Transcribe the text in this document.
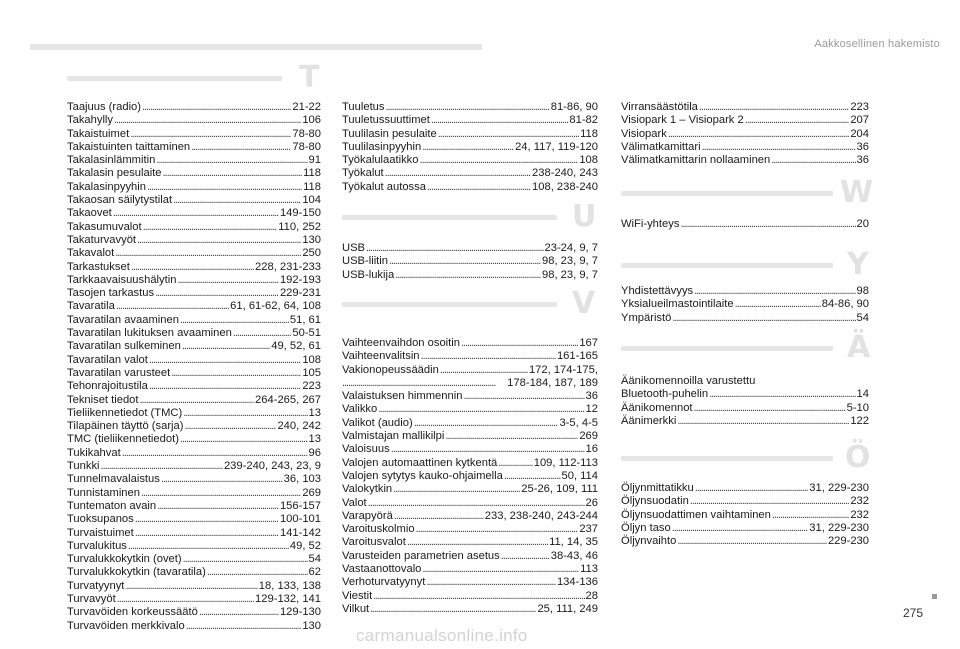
Aakkosellinen hakemisto
T
Taajuus (radio) . . .	21-22
Takahylly . . .	106
Takaistuimet . . .	78-80
Takaistuinten taittaminen . . .	78-80
Takalasinlämmitin . . .	91
Takalasin pesulaite . . .	118
Takalasinpyyhin . . .	118
Takaosan säilytystilat . . .	104
Takaovet . . .	149-150
Takasumuvalot . . .	110, 252
Takaturvavyöt . . .	130
Takavalot . . .	250
Tarkastukset . . .	228, 231-233
Tarkkaavaisuushälytin . . .	192-193
Tasojen tarkastus . . .	229-231
Tavaratila . . .	61, 61-62, 64, 108
Tavaratilan avaaminen . . .	51, 61
Tavaratilan lukituksen avaaminen . . .	50-51
Tavaratilan sulkeminen . . .	49, 52, 61
Tavaratilan valot . . .	108
Tavaratilan varusteet . . .	105
Tehonrajoitustila . . .	223
Tekniset tiedot . . .	264-265, 267
Tieliikennetiedot (TMC) . . .	13
Tilapäinen täyttö (sarja) . . .	240, 242
TMC (tieliikennetiedot) . . .	13
Tukikahvat . . .	96
Tunkki . . .	239-240, 243, 23, 9
Tunnelmavalaistus . . .	36, 103
Tunnistaminen . . .	269
Tuntematon avain . . .	156-157
Tuoksupanos . . .	100-101
Turvaistuimet . . .	141-142
Turvalukitus . . .	49, 52
Turvalukkokytkin (ovet) . . .	54
Turvalukkokytkin (tavaratila) . . .	62
Turvatyynyt . . .	18, 133, 138
Turvavyöt . . .	129-132, 141
Turvavöiden korkeussäätö . . .	129-130
Turvavöiden merkkivalo . . .	130
Tuuletus . . .	81-86, 90
Tuuletussuuttimet . . .	81-82
Tuulilasin pesulaite . . .	118
Tuulilasinpyyhin . . .	24, 117, 119-120
Työkalulaatikko . . .	108
Työkalut . . .	238-240, 243
Työkalut autossa . . .	108, 238-240
U
USB . . .	23-24, 9, 7
USB-liitin . . .	98, 23, 9, 7
USB-lukija . . .	98, 23, 9, 7
V
Vaihteenvaihdon osoitin . . .	167
Vaihteenvalitsin . . .	161-165
Vakionopeussäädin . . .	172, 174-175,
. . .
178-184, 187, 189
Valaistuksen himmennin . . .	36
Valikko . . .	12
Valikot (audio) . . .	3-5, 4-5
Valmistajan mallikilpi . . .	269
Valoisuus . . .	16
Valojen automaattinen kytkentä . . .	109, 112-113
Valojen sytytys kauko-ohjaimella . . .	50, 114
Valokytkin . . .	25-26, 109, 111
Valot . . .	26
Varapyörä . . .	233, 238-240, 243-244
Varoituskolmio . . .	237
Varoitusvalot . . .	11, 14, 35
Varusteiden parametrien asetus . . .	38-43, 46
Vastaanottovalo . . .	113
Verhoturvatyynyt . . .	134-136
Viestit . . .	28
Vilkut . . .	25, 111, 249
Virransäästötila . . .	223
Visiopark 1 – Visiopark 2 . . .	207
Visiopark . . .	204
Välimatkamittari . . .	36
Välimatkamittarin nollaaminen . . .	36
W
WiFi-yhteys . . .	20
Y
Yhdistettävyys . . .	98
Yksialueilmastointilaite . . .	84-86, 90
Ympäristö . . .	54
Ä
Äänikomennoilla varustettu
Bluetooth-puhelin . . .	14
Äänikomennot . . .	5-10
Äänimerkki . . .	122
Ö
Öljynmittatikku . . .	31, 229-230
Öljynsuodatin . . .	232
Öljynsuodattimen vaihtaminen . . .	232
Öljyn taso . . .	31, 229-230
Öljynvaihto . . .	229-230
275
carmanualsonline.info
